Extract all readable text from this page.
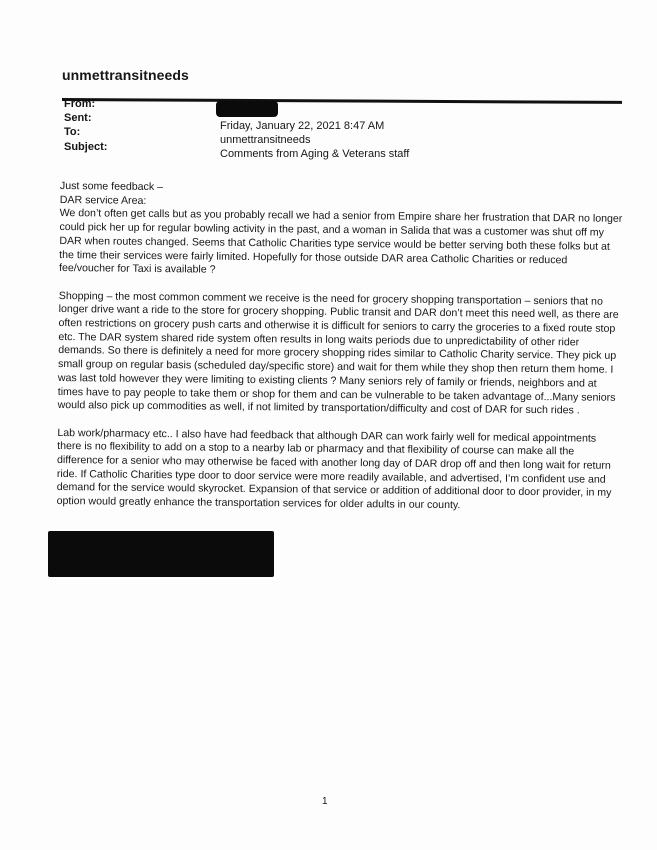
unmettransitneeds
From:
Sent:
Friday, January 22, 2021 8:47 AM
To:
unmettransitneeds
Subject:
Comments from Aging & Veterans staff

Just some feedback –
DAR service Area:
We don’t often get calls but as you probably recall we had a senior from Empire share her frustration that DAR no longer
could pick her up for regular bowling activity in the past, and a woman in Salida that was a customer was shut off my
DAR when routes changed. Seems that Catholic Charities type service would be better serving both these folks but at
the time their services were fairly limited. Hopefully for those outside DAR area Catholic Charities or reduced
fee/voucher for Taxi is available ?

Shopping – the most common comment we receive is the need for grocery shopping transportation – seniors that no
longer drive want a ride to the store for grocery shopping. Public transit and DAR don’t meet this need well, as there are
often restrictions on grocery push carts and otherwise it is difficult for seniors to carry the groceries to a fixed route stop
etc. The DAR system shared ride system often results in long waits periods due to unpredictability of other rider
demands. So there is definitely a need for more grocery shopping rides similar to Catholic Charity service. They pick up
small group on regular basis (scheduled day/specific store) and wait for them while they shop then return them home. I
was last told however they were limiting to existing clients ? Many seniors rely of family or friends, neighbors and at
times have to pay people to take them or shop for them and can be vulnerable to be taken advantage of...Many seniors
would also pick up commodities as well, if not limited by transportation/difficulty and cost of DAR for such rides .

Lab work/pharmacy etc.. I also have had feedback that although DAR can work fairly well for medical appointments
there is no flexibility to add on a stop to a nearby lab or pharmacy and that flexibility of course can make all the
difference for a senior who may otherwise be faced with another long day of DAR drop off and then long wait for return
ride. If Catholic Charities type door to door service were more readily available, and advertised, I’m confident use and
demand for the service would skyrocket. Expansion of that service or addition of additional door to door provider, in my
option would greatly enhance the transportation services for older adults in our county.

1
